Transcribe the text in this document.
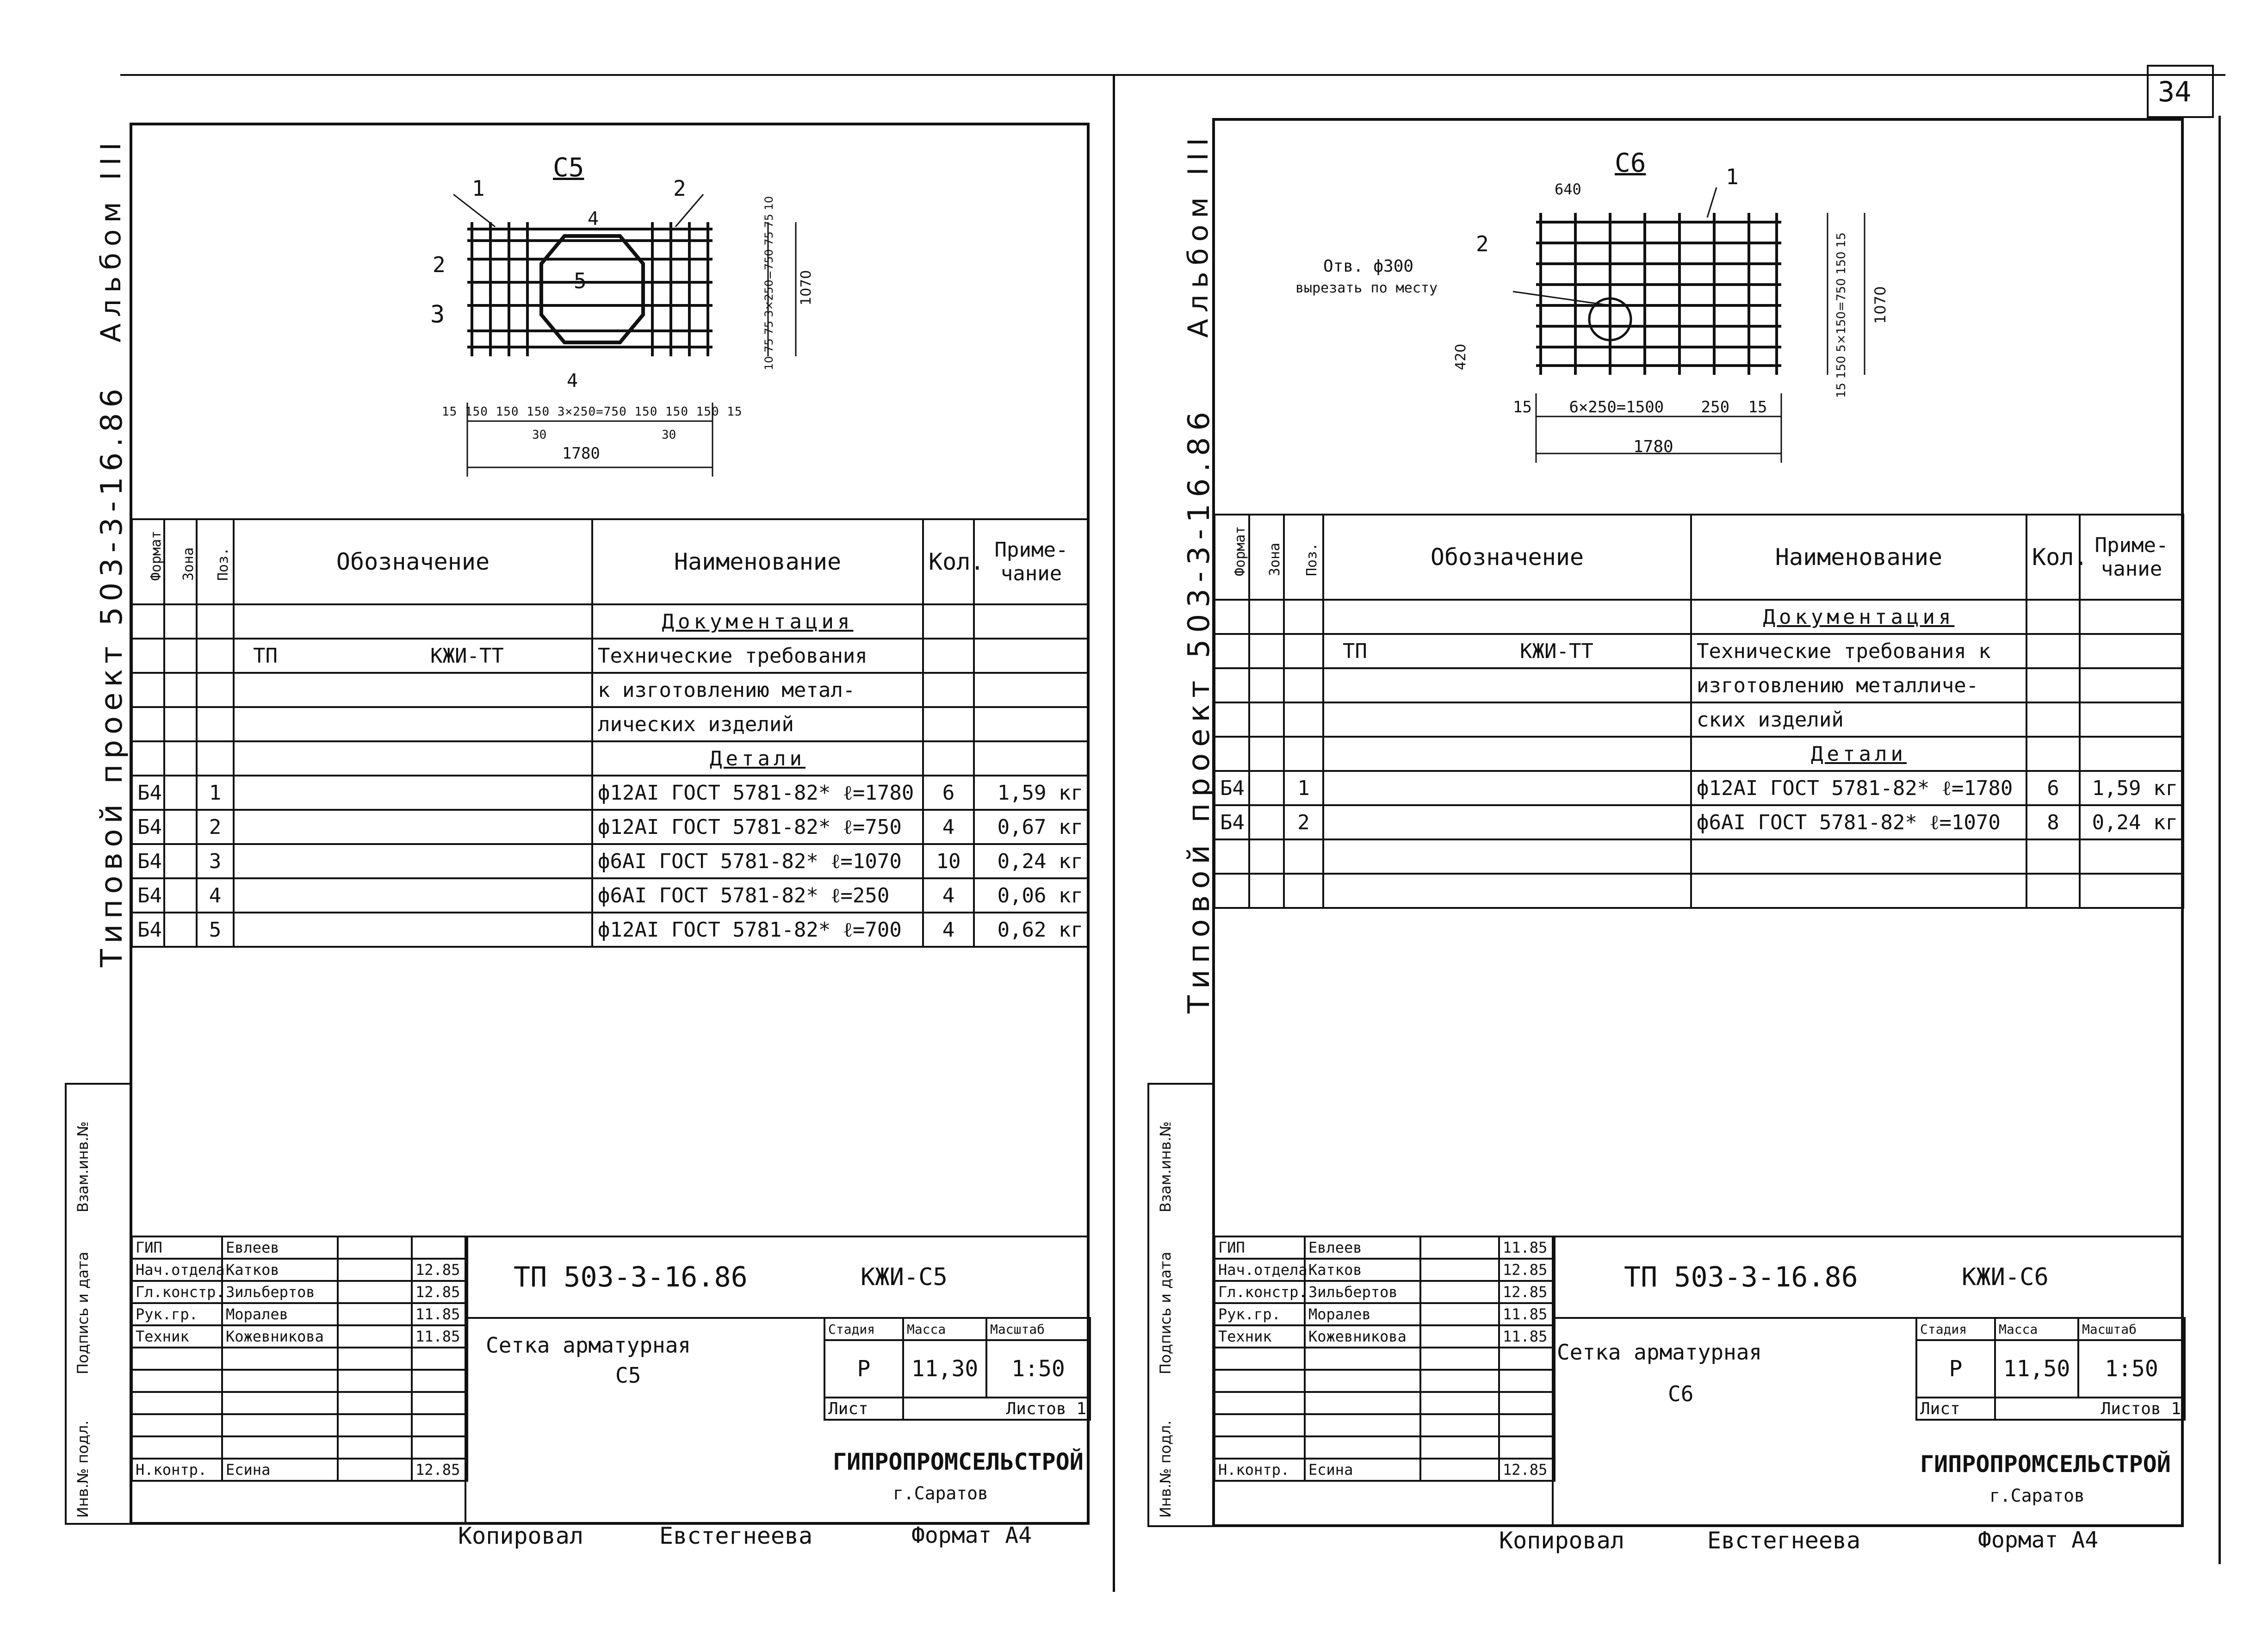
34
Альбом III
Типовой проект 503-3-16.86
С5
1	2
2
3
4
4
5
15 150 150 150 3×250=750 150 150 150 15
30	30
1780
10 75 75 3×250=750 75 75 10
1070
Формат	Зона	Поз.	Обозначение	Наименование	Кол.	Приме-
чание
				Документация		
			ТП КЖИ-ТТ	Технические требования		
				к изготовлению метал-		
				лических изделий		
				Детали		
Б4		1		ф12АI ГОСТ 5781-82* ℓ=1780	6	1,59 кг
Б4		2		ф12АI ГОСТ 5781-82* ℓ=750	4	0,67 кг
Б4		3		ф6АI ГОСТ 5781-82* ℓ=1070	10	0,24 кг
Б4		4		ф6АI ГОСТ 5781-82* ℓ=250	4	0,06 кг
Б4		5		ф12АI ГОСТ 5781-82* ℓ=700	4	0,62 кг
Взам.инв.№
Подпись и дата
Инв.№ подл.
ГИП	Евлеев		
Нач.отдела	Катков		12.85
Гл.констр.	Зильбертов		12.85
Рук.гр.	Моралев		11.85
Техник	Кожевникова		11.85

Н.контр.	Есина		12.85
ТП 503-3-16.86	КЖИ-С5
Сетка арматурная
С5
Стадия	Масса	Масштаб
Р	11,30	1:50
Лист	Листов 1	
ГИПРОПРОМСЕЛЬСТРОЙ
г.Саратов
Копировал	Евстегнеева	Формат А4
Альбом III
Типовой проект 503-3-16.86
С6	1
2
640
Отв. ф300
вырезать по месту
420
15 6×250=1500 250 15
1780
15 150 5×150=750 150 15
1070
Формат	Зона	Поз.	Обозначение	Наименование	Кол.	Приме-
чание
				Документация		
			ТП КЖИ-ТТ	Технические требования к		
				изготовлению металличе-		
				ских изделий		
				Детали		
Б4		1		ф12АI ГОСТ 5781-82* ℓ=1780	6	1,59 кг
Б4		2		ф6АI ГОСТ 5781-82* ℓ=1070	8	0,24 кг

Взам.инв.№
Подпись и дата
Инв.№ подл.
ГИП	Евлеев		11.85
Нач.отдела	Катков		12.85
Гл.констр.	Зильбертов		12.85
Рук.гр.	Моралев		11.85
Техник	Кожевникова		11.85

Н.контр.	Есина		12.85
ТП 503-3-16.86	КЖИ-С6
Сетка арматурная
С6
Стадия	Масса	Масштаб
Р	11,50	1:50
Лист	Листов 1	
ГИПРОПРОМСЕЛЬСТРОЙ
г.Саратов
Копировал	Евстегнеева	Формат А4
